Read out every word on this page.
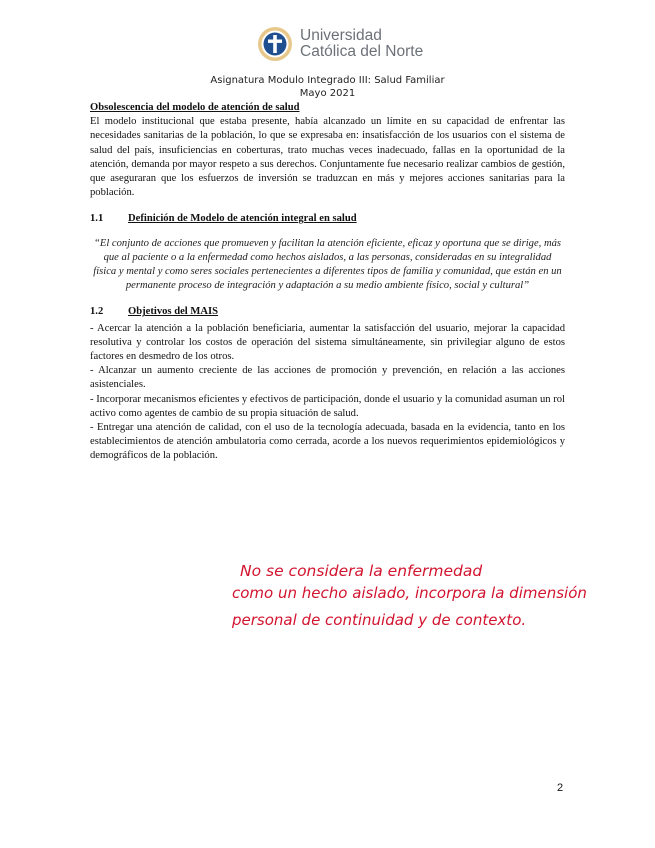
Universidad
Católica del Norte
Asignatura Modulo Integrado III: Salud Familiar
Mayo 2021
Obsolescencia del modelo de atención de salud

El modelo institucional que estaba presente, había alcanzado un límite en su capacidad de enfrentar las necesidades sanitarias de la población, lo que se expresaba en: insatisfacción de los usuarios con el sistema de salud del país, insuficiencias en coberturas, trato muchas veces inadecuado, fallas en la oportunidad de la atención, demanda por mayor respeto a sus derechos. Conjuntamente fue necesario realizar cambios de gestión, que aseguraran que los esfuerzos de inversión se traduzcan en más y mejores acciones sanitarias para la población.

1.1	Definición de Modelo de atención integral en salud

“El conjunto de acciones que promueven y facilitan la atención eficiente, eficaz y oportuna que se dirige, más que al paciente o a la enfermedad como hechos aislados, a las personas, consideradas en su integralidad física y mental y como seres sociales pertenecientes a diferentes tipos de familia y comunidad, que están en un permanente proceso de integración y adaptación a su medio ambiente físico, social y cultural”

1.2	Objetivos del MAIS
- Acercar la atención a la población beneficiaria, aumentar la satisfacción del usuario, mejorar la capacidad resolutiva y controlar los costos de operación del sistema simultáneamente, sin privilegiar alguno de estos factores en desmedro de los otros.
- Alcanzar un aumento creciente de las acciones de promoción y prevención, en relación a las acciones asistenciales.
- Incorporar mecanismos eficientes y efectivos de participación, donde el usuario y la comunidad asuman un rol activo como agentes de cambio de su propia situación de salud.
- Entregar una atención de calidad, con el uso de la tecnología adecuada, basada en la evidencia, tanto en los establecimientos de atención ambulatoria como cerrada, acorde a los nuevos requerimientos epidemiológicos y demográficos de la población.
No se considera la enfermedad
como un hecho aislado, incorpora la dimensión
personal de continuidad y de contexto.
2
